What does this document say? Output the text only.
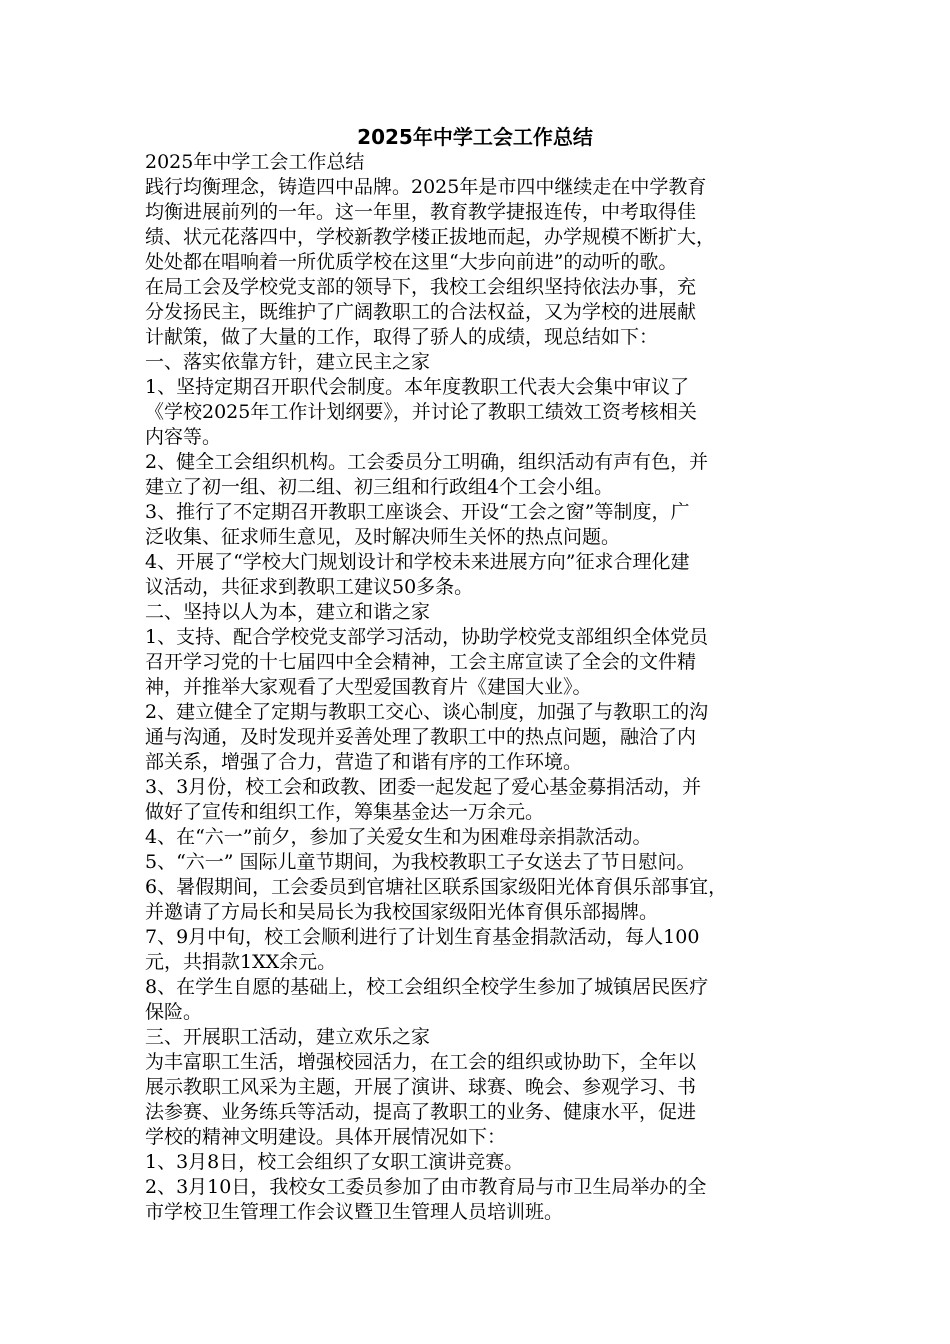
2025年中学工会工作总结

2025年中学工会工作总结

践行均衡理念，铸造四中品牌。2025年是市四中继续走在中学教育

均衡进展前列的一年。这一年里，教育教学捷报连传，中考取得佳

绩、状元花落四中，学校新教学楼正拔地而起，办学规模不断扩大，

处处都在唱响着一所优质学校在这里“大步向前进”的动听的歌。

在局工会及学校党支部的领导下，我校工会组织坚持依法办事，充

分发扬民主，既维护了广阔教职工的合法权益，又为学校的进展献

计献策，做了大量的工作，取得了骄人的成绩，现总结如下：

一、落实依靠方针，建立民主之家

1、坚持定期召开职代会制度。本年度教职工代表大会集中审议了

《学校2025年工作计划纲要》，并讨论了教职工绩效工资考核相关

内容等。

2、健全工会组织机构。工会委员分工明确，组织活动有声有色，并

建立了初一组、初二组、初三组和行政组4个工会小组。

3、推行了不定期召开教职工座谈会、开设“工会之窗”等制度，广

泛收集、征求师生意见，及时解决师生关怀的热点问题。

4、开展了“学校大门规划设计和学校未来进展方向”征求合理化建

议活动，共征求到教职工建议50多条。

二、坚持以人为本，建立和谐之家

1、支持、配合学校党支部学习活动，协助学校党支部组织全体党员

召开学习党的十七届四中全会精神，工会主席宣读了全会的文件精

神，并推举大家观看了大型爱国教育片《建国大业》。

2、建立健全了定期与教职工交心、谈心制度，加强了与教职工的沟

通与沟通，及时发现并妥善处理了教职工中的热点问题，融洽了内

部关系，增强了合力，营造了和谐有序的工作环境。

3、3月份，校工会和政教、团委一起发起了爱心基金募捐活动，并

做好了宣传和组织工作，筹集基金达一万余元。

4、在“六一”前夕，参加了关爱女生和为困难母亲捐款活动。

5、“六一” 国际儿童节期间，为我校教职工子女送去了节日慰问。

6、暑假期间，工会委员到官塘社区联系国家级阳光体育俱乐部事宜，

并邀请了方局长和吴局长为我校国家级阳光体育俱乐部揭牌。

7、9月中旬，校工会顺利进行了计划生育基金捐款活动，每人100

元，共捐款1XX余元。

8、在学生自愿的基础上，校工会组织全校学生参加了城镇居民医疗

保险。

三、开展职工活动，建立欢乐之家

为丰富职工生活，增强校园活力，在工会的组织或协助下，全年以

展示教职工风采为主题，开展了演讲、球赛、晚会、参观学习、书

法参赛、业务练兵等活动，提高了教职工的业务、健康水平，促进

学校的精神文明建设。具体开展情况如下：

1、3月8日，校工会组织了女职工演讲竞赛。

2、3月10日，我校女工委员参加了由市教育局与市卫生局举办的全

市学校卫生管理工作会议暨卫生管理人员培训班。
